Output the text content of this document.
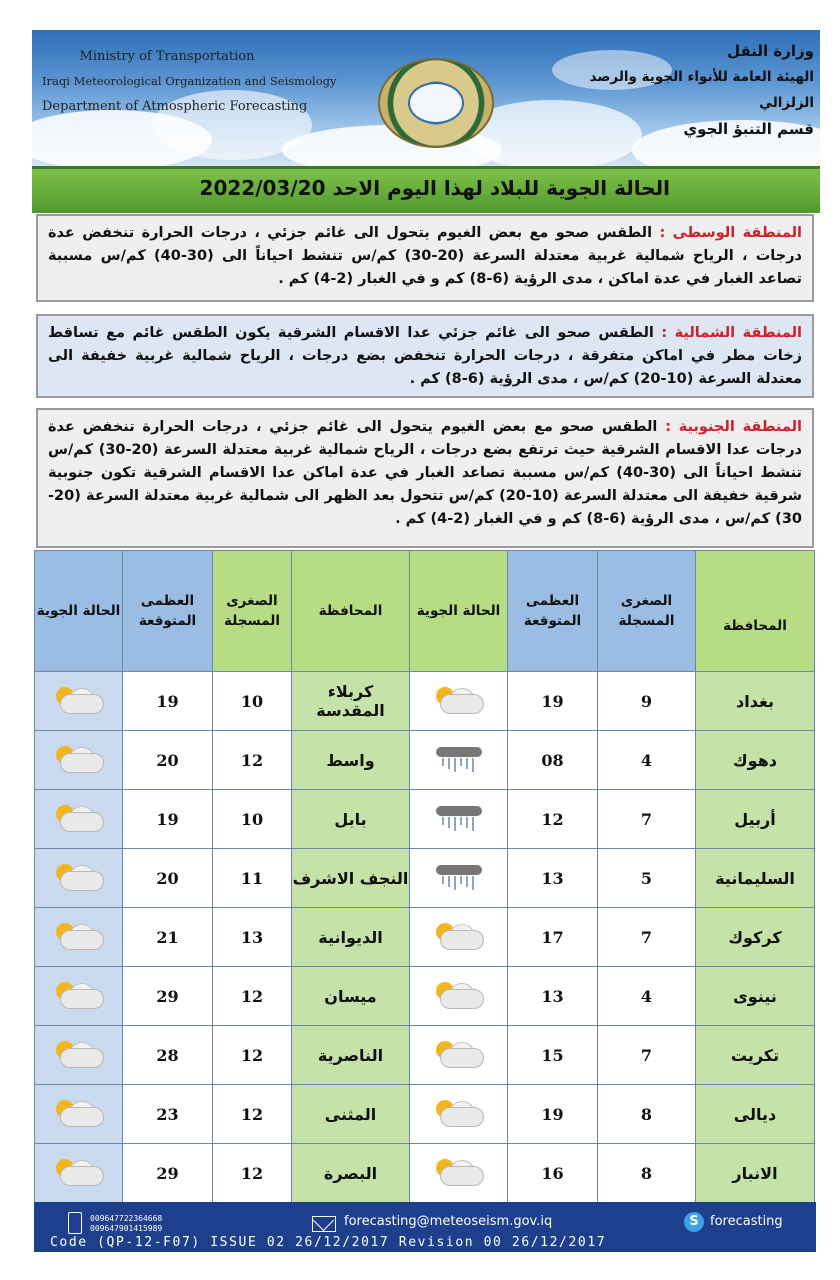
Ministry of Transportation
Iraqi Meteorological Organization and Seismology
Department of Atmospheric Forecasting
وزارة النقل
الهيئة العامة للأنواء الجوية والرصد الزلزالي
قسم التنبؤ الجوي
الحالة الجوية للبلاد لهذا اليوم الاحد 2022/03/20
المنطقة الوسطى : الطقس صحو مع بعض الغيوم يتحول الى غائم جزئي ، درجات الحرارة تنخفض عدة درجات ، الرياح شمالية غربية معتدلة السرعة (20-30) كم/س تنشط احياناً الى (30-40) كم/س مسببة تصاعد الغبار في عدة اماكن ، مدى الرؤية (6-8) كم و في الغبار (2-4) كم .
المنطقة الشمالية : الطقس صحو الى غائم جزئي عدا الاقسام الشرقية يكون الطقس غائم مع تساقط زخات مطر في اماكن متفرقة ، درجات الحرارة تنخفض بضع درجات ، الرياح شمالية غربية خفيفة الى معتدلة السرعة (10-20) كم/س ، مدى الرؤية (6-8) كم .
المنطقة الجنوبية : الطقس صحو مع بعض الغيوم يتحول الى غائم جزئي ، درجات الحرارة تنخفض عدة درجات عدا الاقسام الشرقية حيث ترتفع بضع درجات ، الرياح شمالية غربية معتدلة السرعة (20-30) كم/س تنشط احياناً الى (30-40) كم/س مسببة تصاعد الغبار في عدة اماكن عدا الاقسام الشرقية تكون جنوبية شرقية خفيفة الى معتدلة السرعة (10-20) كم/س تتحول بعد الظهر الى شمالية غربية معتدلة السرعة (20-30) كم/س ، مدى الرؤية (6-8) كم و في الغبار (2-4) كم .
المحافظة	الصغرى المسجلة	العظمى المتوقعة	الحالة الجوية	المحافظة	الصغرى المسجلة	العظمى المتوقعة	الحالة الجوية
بغداد	9	19		كربلاء المقدسة	10	19	

دهوك	4	08		واسط	12	20	

أربيل	7	12		بابل	10	19	

السليمانية	5	13		النجف الاشرف	11	20	

كركوك	7	17		الديوانية	13	21	

نينوى	4	13		ميسان	12	29	

تكريت	7	15		الناصرية	12	28	

ديالى	8	19		المثنى	12	23	

الانبار	8	16		البصرة	12	29	
009647722364668
009647901415989	forecasting@meteoseism.gov.iq	S forecasting
Code (QP-12-F07) ISSUE 02 26/12/2017 Revision 00 26/12/2017
